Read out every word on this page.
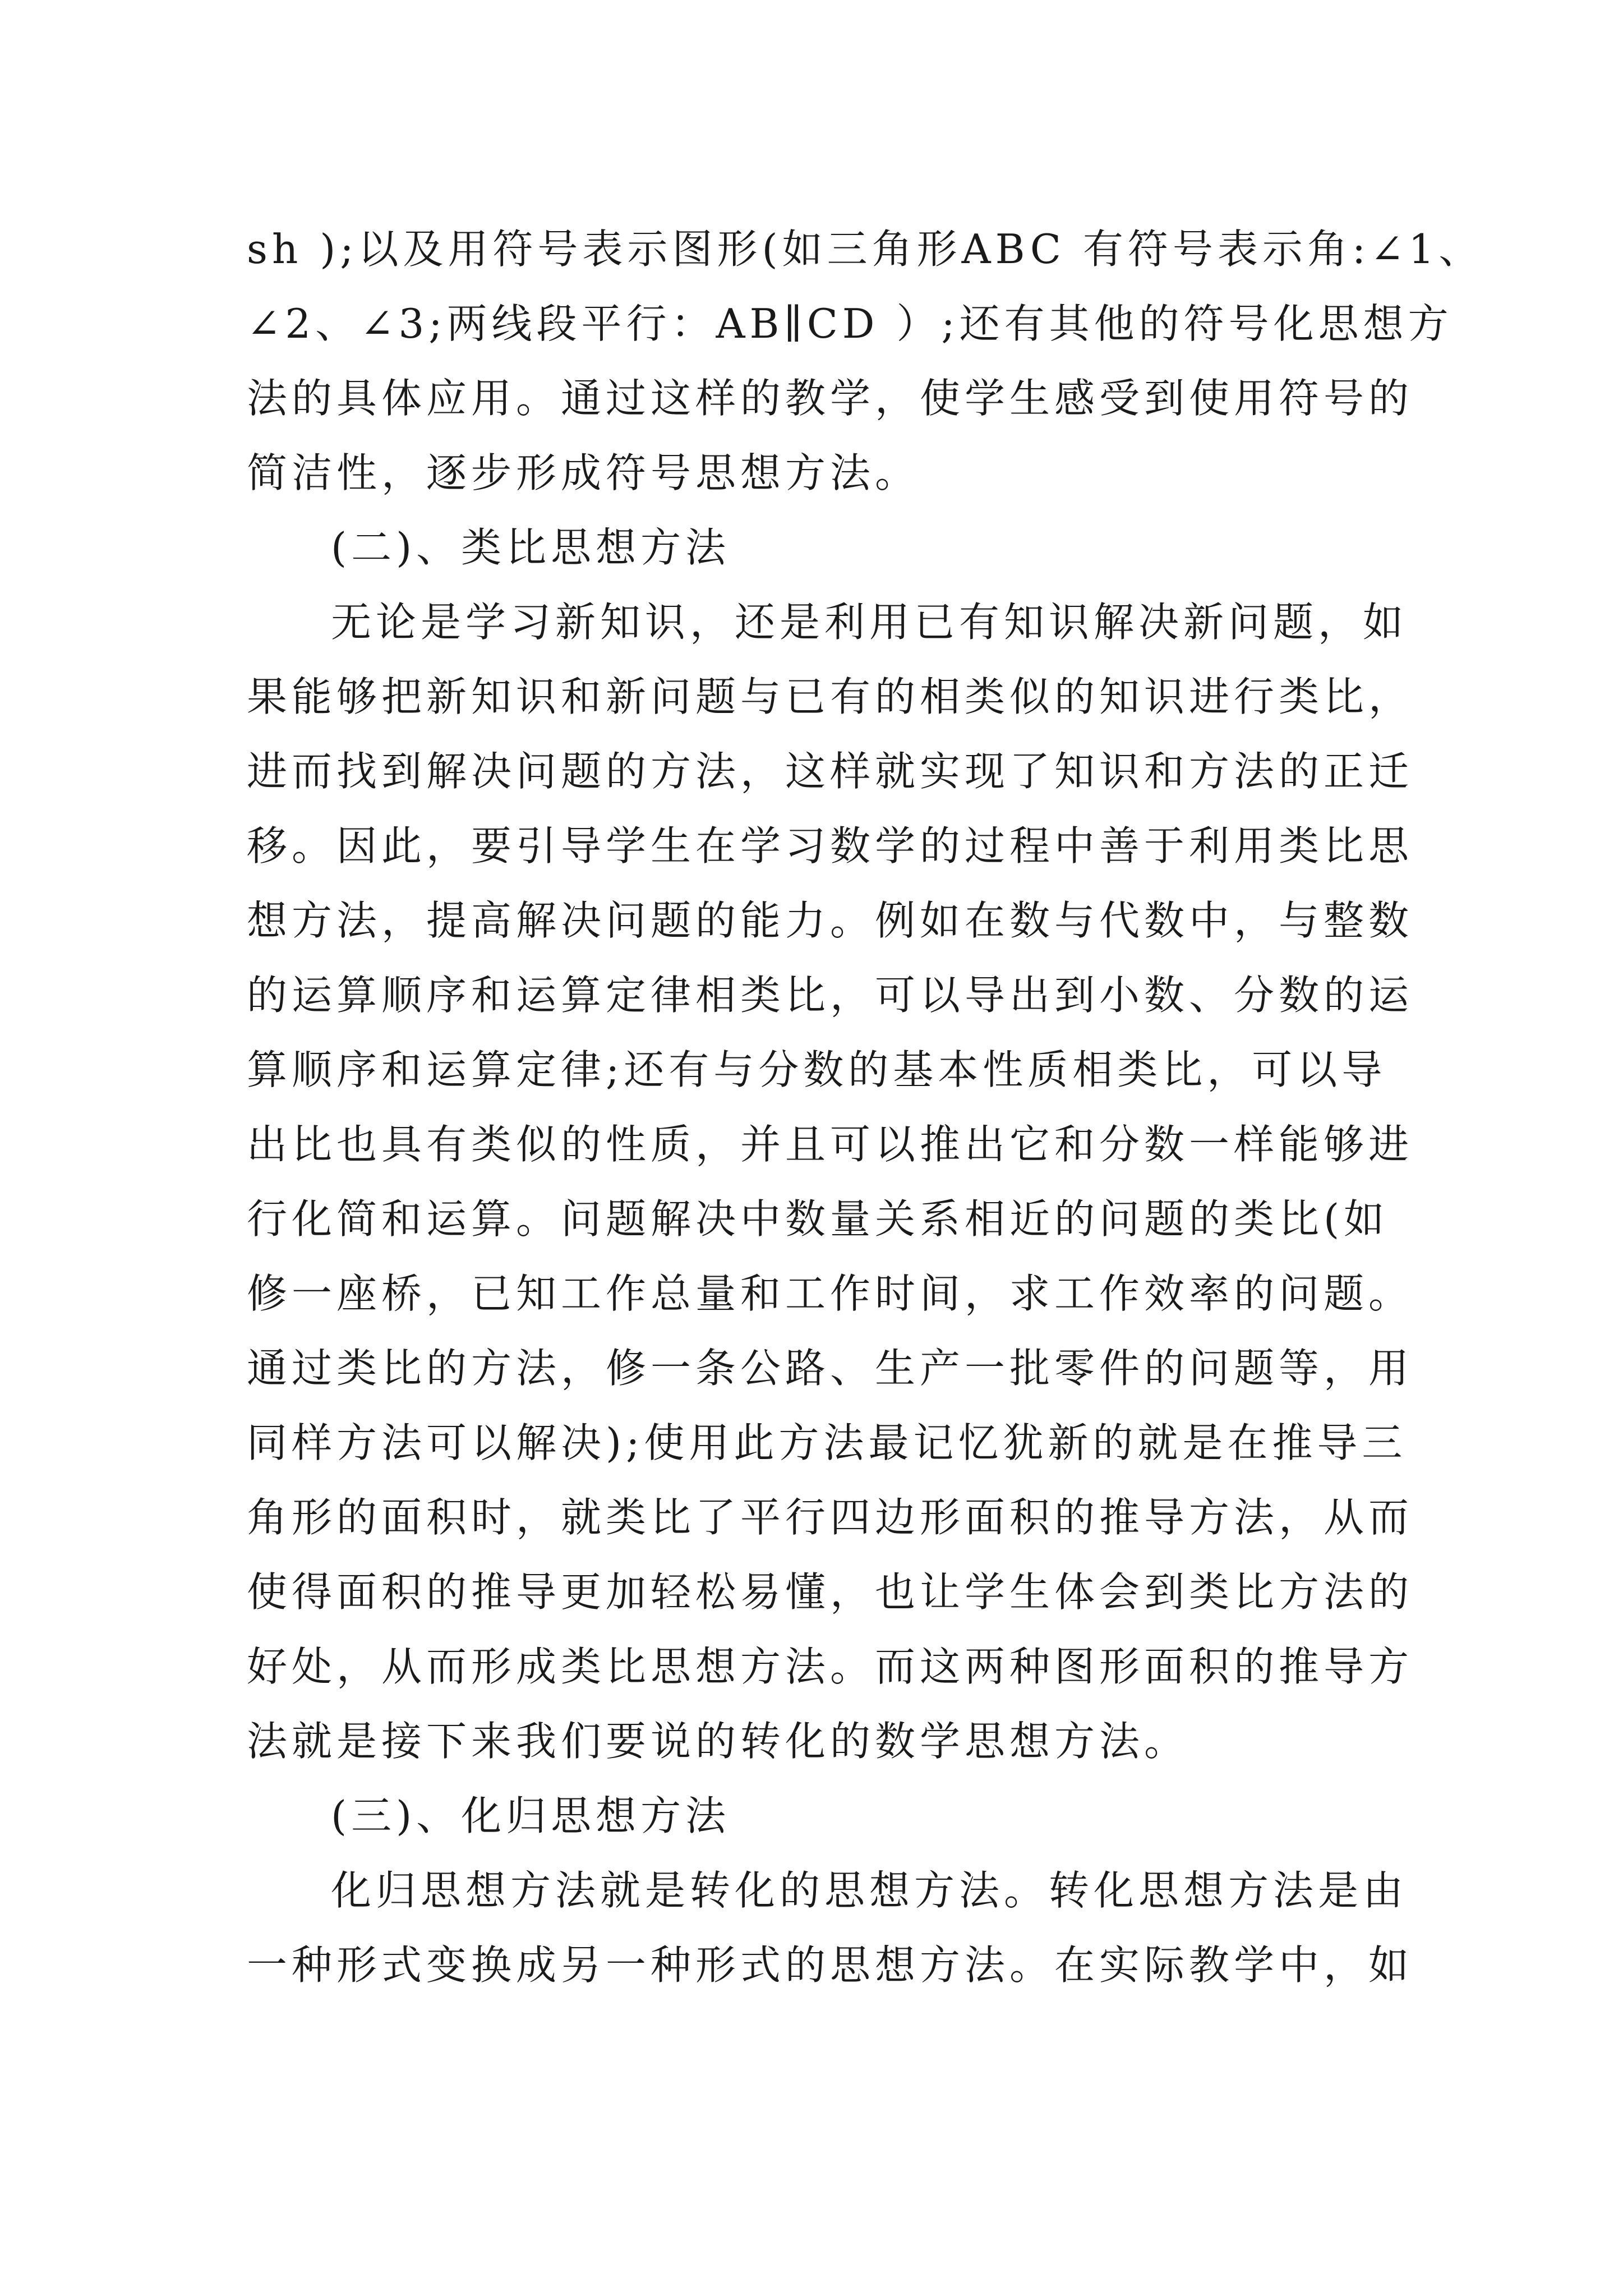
sh );以及用符号表示图形(如三角形ABC 有符号表示角:∠1、
∠2、∠3;两线段平行：AB∥CD ）;还有其他的符号化思想方
法的具体应用。通过这样的教学，使学生感受到使用符号的
简洁性，逐步形成符号思想方法。
(二)、类比思想方法
无论是学习新知识，还是利用已有知识解决新问题，如
果能够把新知识和新问题与已有的相类似的知识进行类比，
进而找到解决问题的方法，这样就实现了知识和方法的正迁
移。因此，要引导学生在学习数学的过程中善于利用类比思
想方法，提高解决问题的能力。例如在数与代数中，与整数
的运算顺序和运算定律相类比，可以导出到小数、分数的运
算顺序和运算定律;还有与分数的基本性质相类比，可以导
出比也具有类似的性质，并且可以推出它和分数一样能够进
行化简和运算。问题解决中数量关系相近的问题的类比(如
修一座桥，已知工作总量和工作时间，求工作效率的问题。
通过类比的方法，修一条公路、生产一批零件的问题等，用
同样方法可以解决);使用此方法最记忆犹新的就是在推导三
角形的面积时，就类比了平行四边形面积的推导方法，从而
使得面积的推导更加轻松易懂，也让学生体会到类比方法的
好处，从而形成类比思想方法。而这两种图形面积的推导方
法就是接下来我们要说的转化的数学思想方法。
(三)、化归思想方法
化归思想方法就是转化的思想方法。转化思想方法是由
一种形式变换成另一种形式的思想方法。在实际教学中，如
